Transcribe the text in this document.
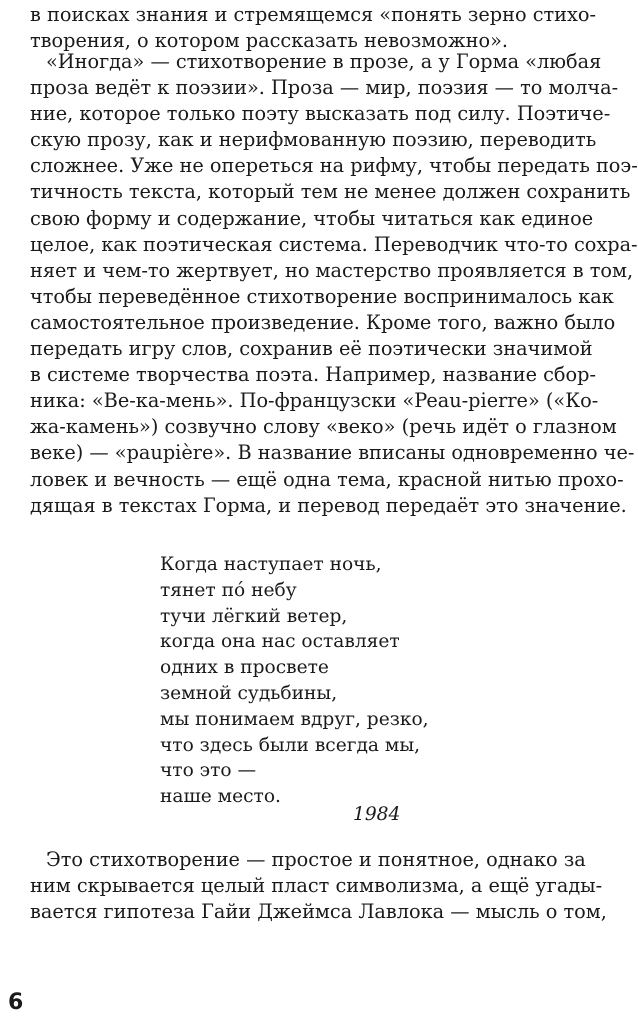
в поисках знания и стремящемся «понять зерно стихо-
творения, о котором рассказать невозможно».
«Иногда» — стихотворение в прозе, а у Горма «любая
проза ведёт к поэзии». Проза — мир, поэзия — то молча-
ние, которое только поэту высказать под силу. Поэтиче-
скую прозу, как и нерифмованную поэзию, переводить
сложнее. Уже не опереться на рифму, чтобы передать поэ-
тичность текста, который тем не менее должен сохранить
свою форму и содержание, чтобы читаться как единое
целое, как поэтическая система. Переводчик что-то сохра-
няет и чем-то жертвует, но мастерство проявляется в том,
чтобы переведённое стихотворение воспринималось как
самостоятельное произведение. Кроме того, важно было
передать игру слов, сохранив её поэтически значимой
в системе творчества поэта. Например, название сбор-
ника: «Ве-ка-мень». По-французски «Peau-pierre» («Ко-
жа-камень») созвучно слову «веко» (речь идёт о глазном
веке) — «paupière». В название вписаны одновременно че-
ловек и вечность — ещё одна тема, красной нитью прохо-
дящая в текстах Горма, и перевод передаёт это значение.
Когда наступает ночь,
тянет пó небу
тучи лёгкий ветер,
когда она нас оставляет
одних в просвете
земной судьбины,
мы понимаем вдруг, резко,
что здесь были всегда мы,
что это —
наше место.
1984
Это стихотворение — простое и понятное, однако за
ним скрывается целый пласт символизма, а ещё угады-
вается гипотеза Гайи Джеймса Лавлока — мысль о том,
6
